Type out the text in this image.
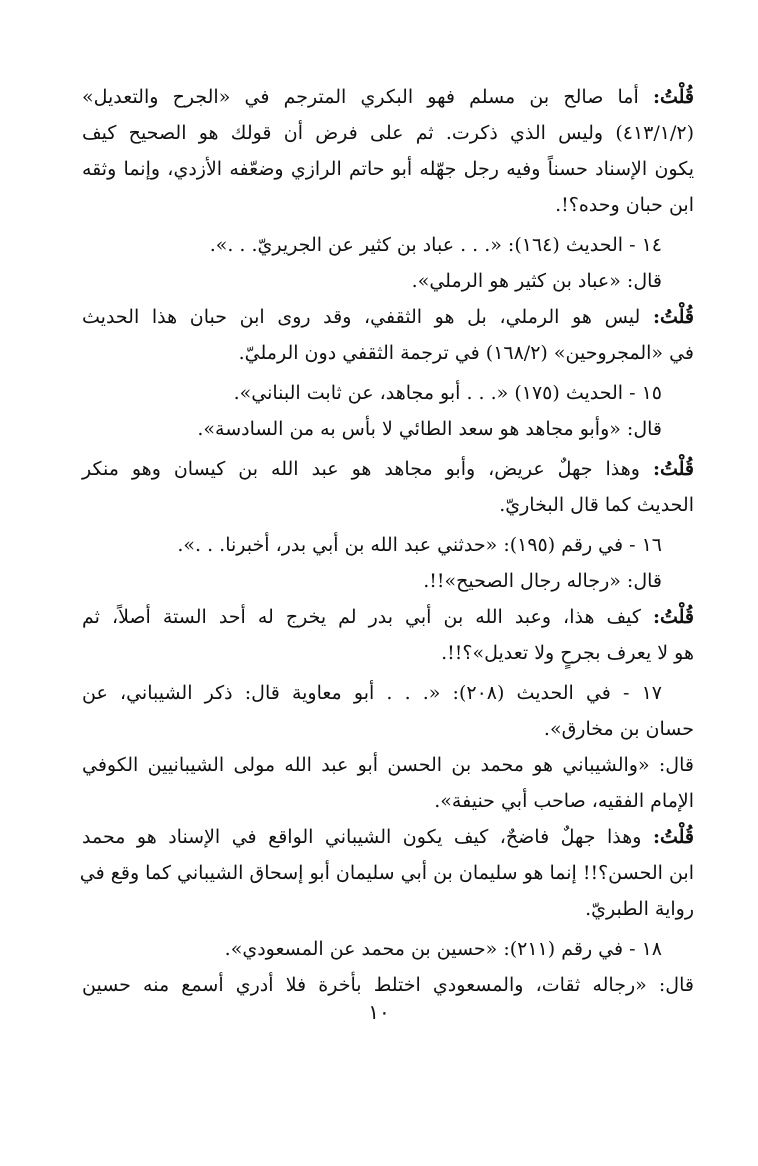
قُلْتُ: أما صالح بن مسلم فهو البكري المترجم في «الجرح والتعديل»
(٤١٣/١/٢) وليس الذي ذكرت. ثم على فرض أن قولك هو الصحيح كيف
يكون الإسناد حسناً وفيه رجل جهّله أبو حاتم الرازي وضعّفه الأزدي، وإنما وثقه
ابن حبان وحده؟!.
١٤ - الحديث (١٦٤): «. . . عباد بن كثير عن الجريريّ. . .».
قال: «عباد بن كثير هو الرملي».
قُلْتُ: ليس هو الرملي، بل هو الثقفي، وقد روى ابن حبان هذا الحديث
في «المجروحين» (١٦٨/٢) في ترجمة الثقفي دون الرمليّ.
١٥ - الحديث (١٧٥) «. . . أبو مجاهد، عن ثابت البناني».
قال: «وأبو مجاهد هو سعد الطائي لا بأس به من السادسة».
قُلْتُ: وهذا جهلٌ عريض، وأبو مجاهد هو عبد الله بن كيسان وهو منكر
الحديث كما قال البخاريّ.
١٦ - في رقم (١٩٥): «حدثني عبد الله بن أبي بدر، أخبرنا. . .».
قال: «رجاله رجال الصحيح»!!.
قُلْتُ: كيف هذا، وعبد الله بن أبي بدر لم يخرج له أحد الستة أصلاً، ثم
هو لا يعرف بجرحٍ ولا تعديل»؟!!.
١٧ - في الحديث (٢٠٨): «. . . أبو معاوية قال: ذكر الشيباني، عن
حسان بن مخارق».
قال: «والشيباني هو محمد بن الحسن أبو عبد الله مولى الشيبانيين الكوفي
الإمام الفقيه، صاحب أبي حنيفة».
قُلْتُ: وهذا جهلٌ فاضحٌ، كيف يكون الشيباني الواقع في الإسناد هو محمد
ابن الحسن؟!! إنما هو سليمان بن أبي سليمان أبو إسحاق الشيباني كما وقع في
رواية الطبريّ.
١٨ - في رقم (٢١١): «حسين بن محمد عن المسعودي».
قال: «رجاله ثقات، والمسعودي اختلط بأخرة فلا أدري أسمع منه حسين
١٠
